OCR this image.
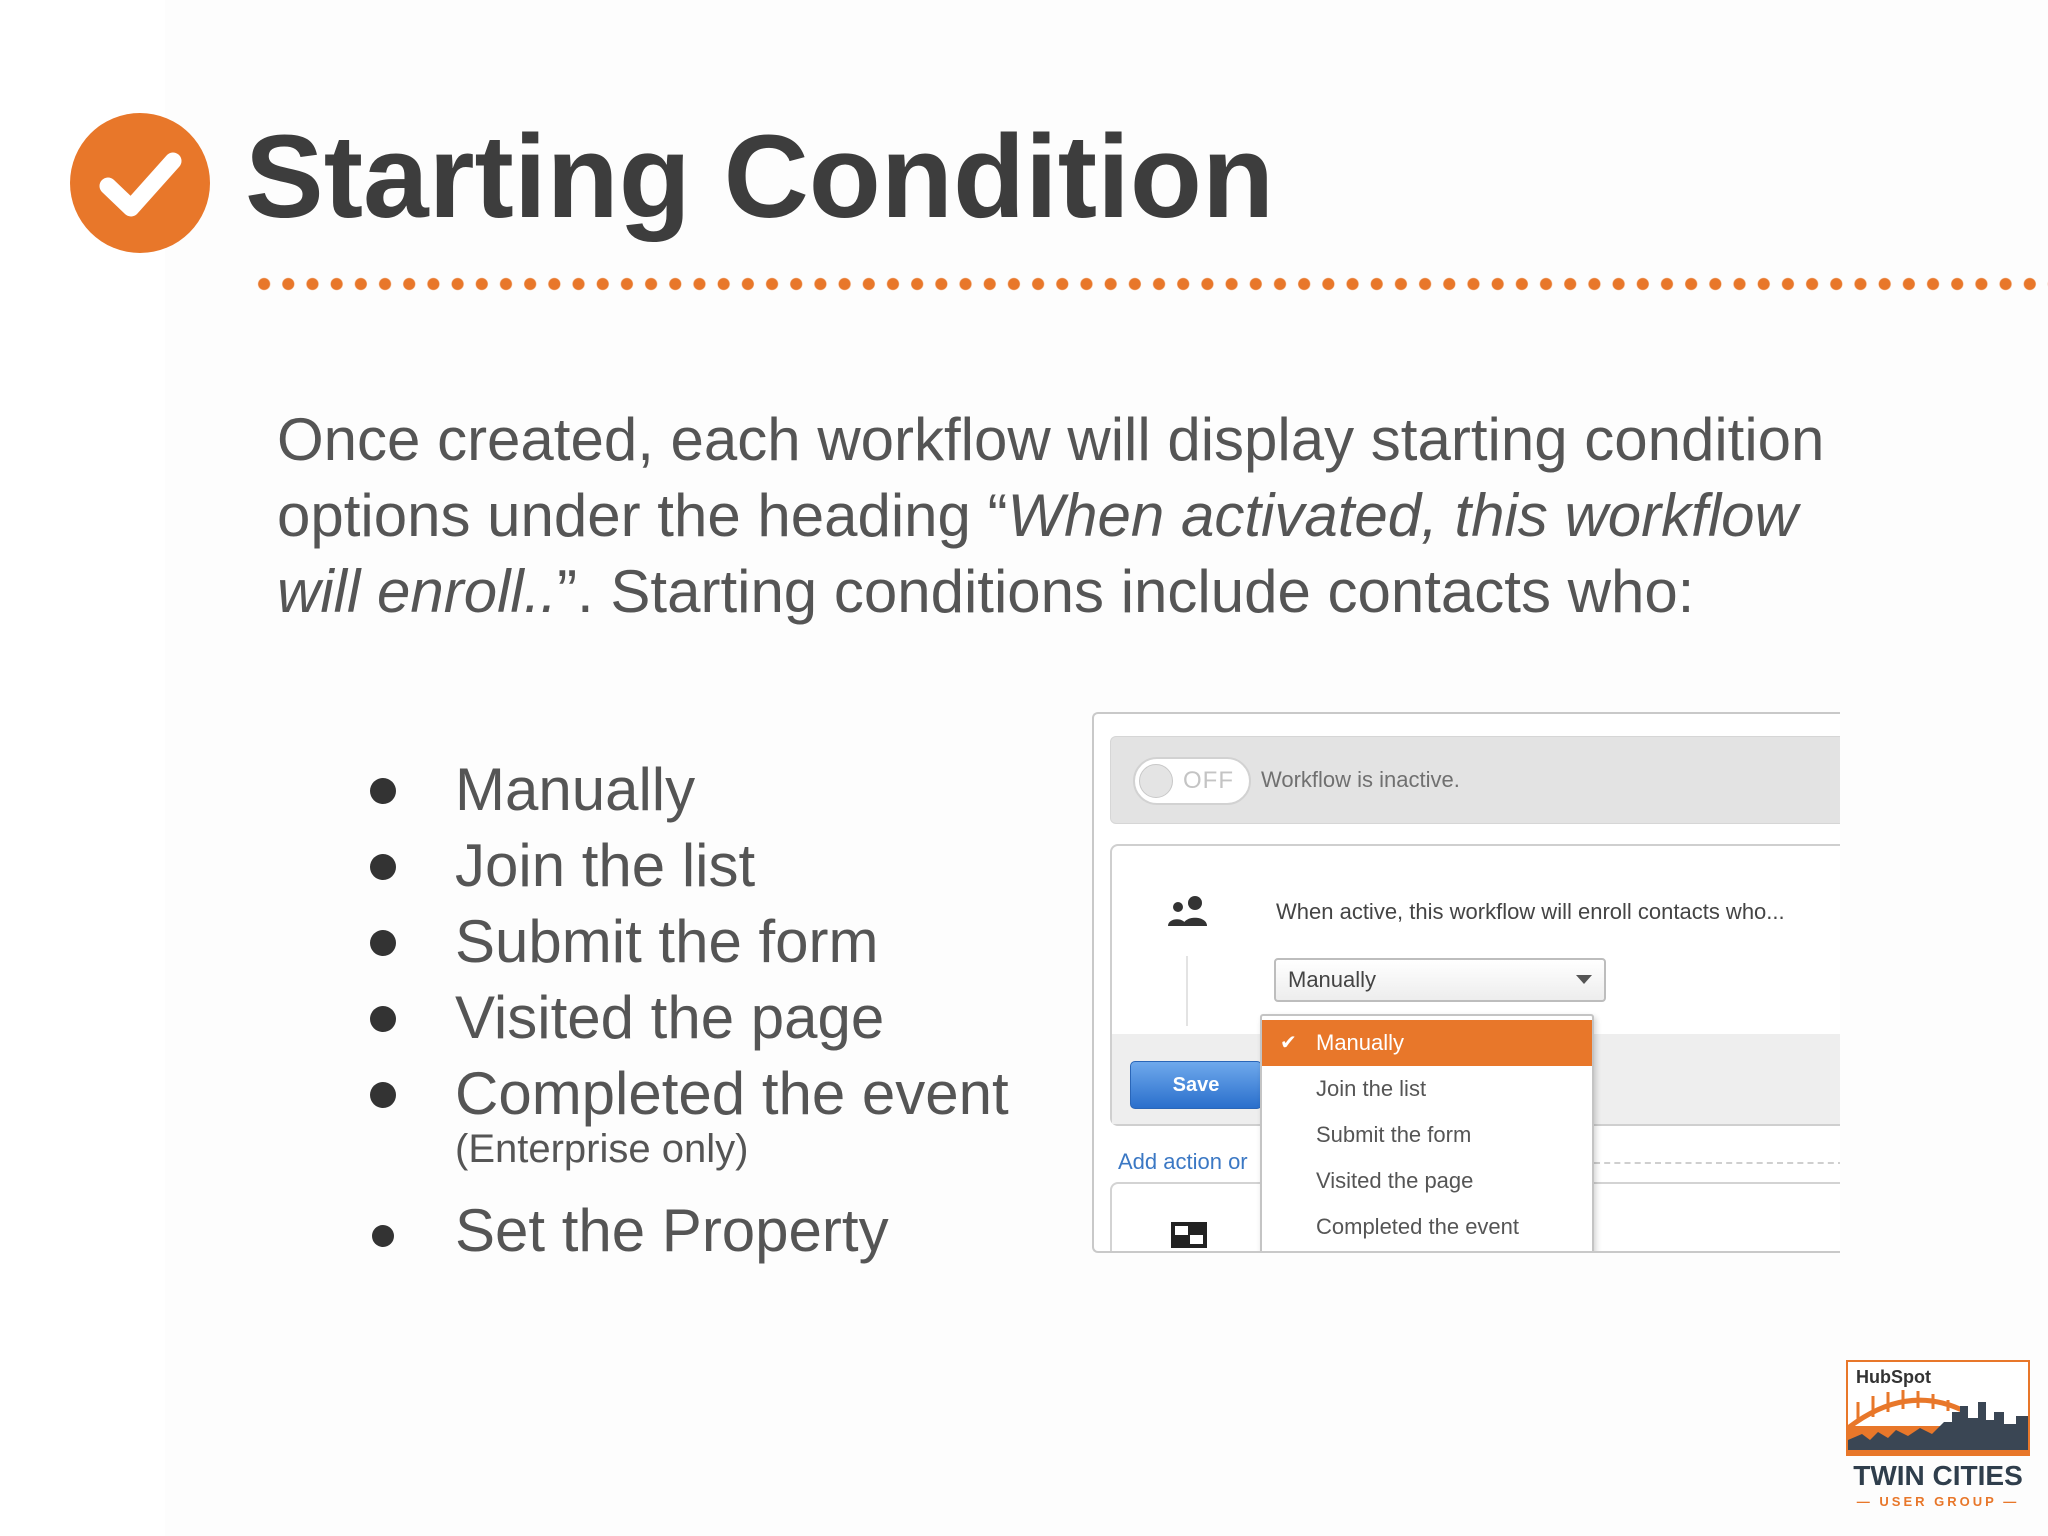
Starting Condition

Once created, each workflow will display starting condition options under the heading “When activated, this workflow will enroll..”. Starting conditions include contacts who:

Manually
Join the list
Submit the form
Visited the page
Completed the event
Set the Property
(Enterprise only)
OFF Workflow is inactive.
When active, this workflow will enroll contacts who...
Manually
Save
Add action or
✔ Manually
Join the list
Submit the form
Visited the page
Completed the event
HubSpot
TWIN CITIES
— USER GROUP —
